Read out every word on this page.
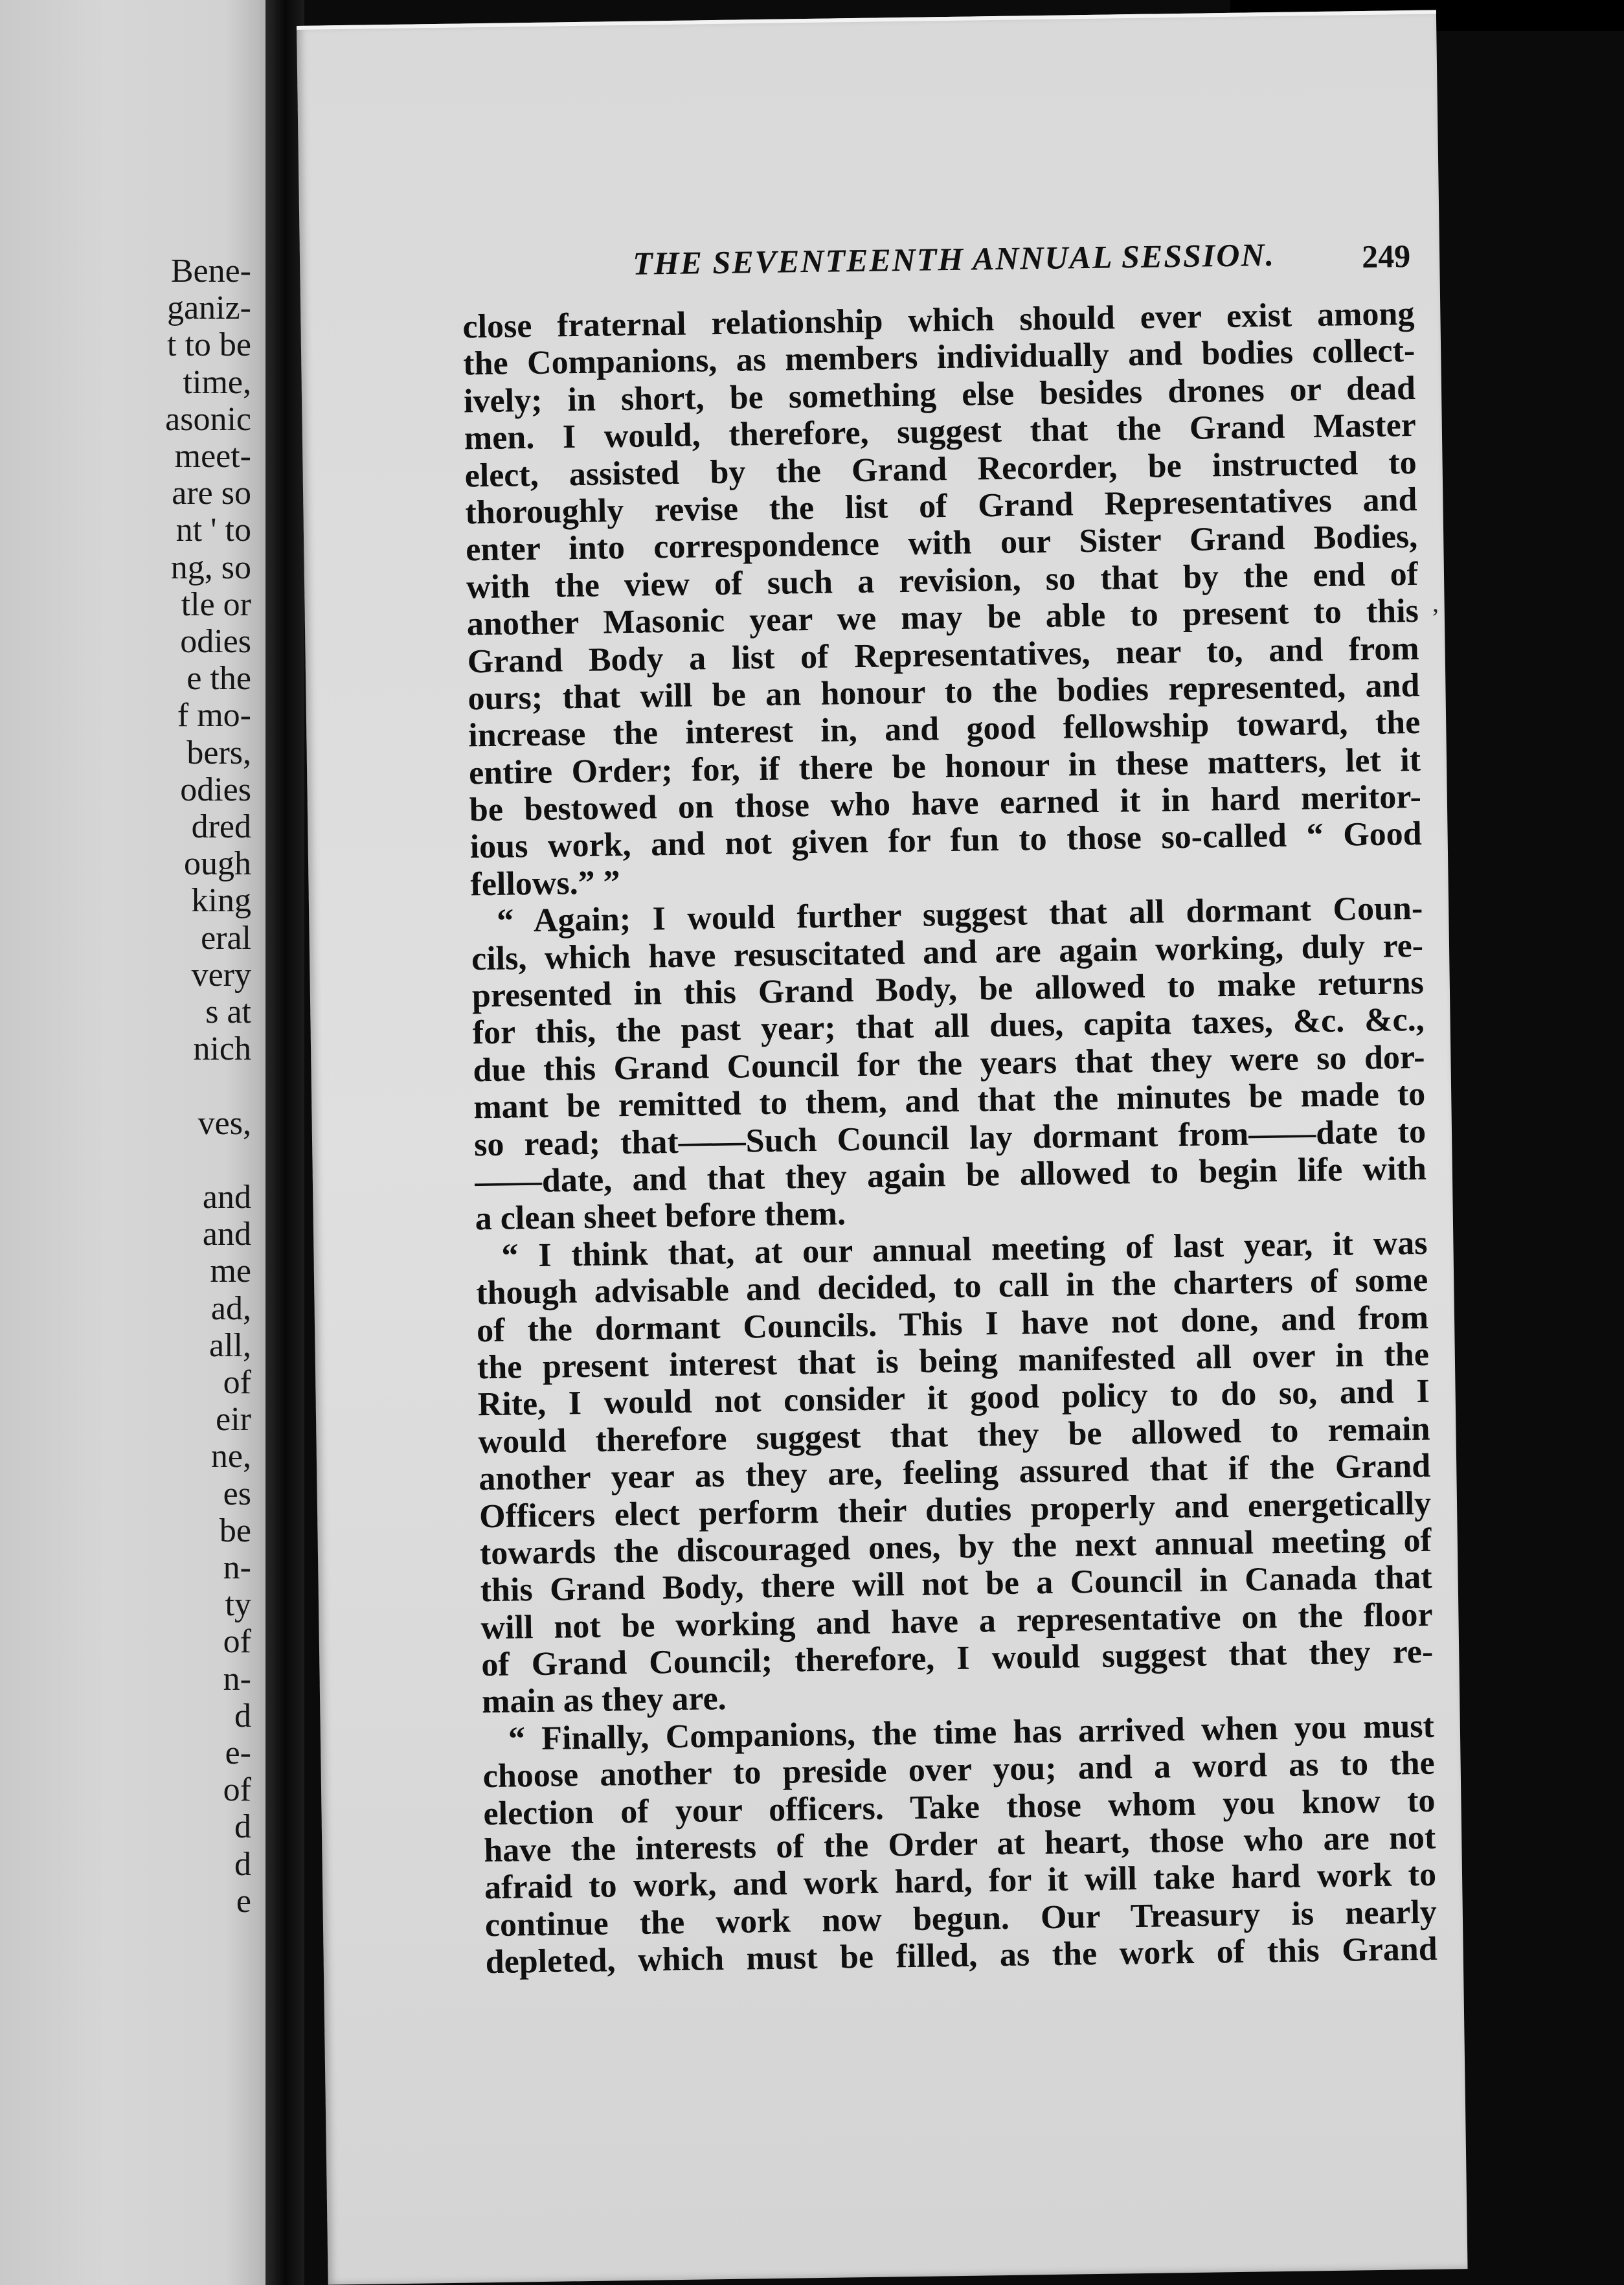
Bene-
ganiz-
t to be
time,
asonic
meet-
are so
nt ' to
ng, so
tle or
odies
e the
f mo-
bers,
odies
dred
ough
king
eral
very
s at
nich
ves,
and
and
me
ad,
all,
of
eir
ne,
es
be
n-
ty
of
n-
d
e-
of
d
d
e
THE SEVENTEENTH ANNUAL SESSION.	249
close fraternal relationship which should ever exist among
the Companions, as members individually and bodies collect-
ively; in short, be something else besides drones or dead
men. I would, therefore, suggest that the Grand Master
elect, assisted by the Grand Recorder, be instructed to
thoroughly revise the list of Grand Representatives and
enter into correspondence with our Sister Grand Bodies,
with the view of such a revision, so that by the end of
another Masonic year we may be able to present to this
Grand Body a list of Representatives, near to, and from
ours; that will be an honour to the bodies represented, and
increase the interest in, and good fellowship toward, the
entire Order; for, if there be honour in these matters, let it
be bestowed on those who have earned it in hard meritor-
ious work, and not given for fun to those so-called “ Good
fellows.” ”
“ Again; I would further suggest that all dormant Coun-
cils, which have resuscitated and are again working, duly re-
presented in this Grand Body, be allowed to make returns
for this, the past year; that all dues, capita taxes, &c. &c.,
due this Grand Council for the years that they were so dor-
mant be remitted to them, and that the minutes be made to
so read; that——Such Council lay dormant from——date to
——date, and that they again be allowed to begin life with
a clean sheet before them.
“ I think that, at our annual meeting of last year, it was
though advisable and decided, to call in the charters of some
of the dormant Councils. This I have not done, and from
the present interest that is being manifested all over in the
Rite, I would not consider it good policy to do so, and I
would therefore suggest that they be allowed to remain
another year as they are, feeling assured that if the Grand
Officers elect perform their duties properly and energetically
towards the discouraged ones, by the next annual meeting of
this Grand Body, there will not be a Council in Canada that
will not be working and have a representative on the floor
of Grand Council; therefore, I would suggest that they re-
main as they are.
“ Finally, Companions, the time has arrived when you must
choose another to preside over you; and a word as to the
election of your officers. Take those whom you know to
have the interests of the Order at heart, those who are not
afraid to work, and work hard, for it will take hard work to
continue the work now begun. Our Treasury is nearly
depleted, which must be filled, as the work of this Grand
’
